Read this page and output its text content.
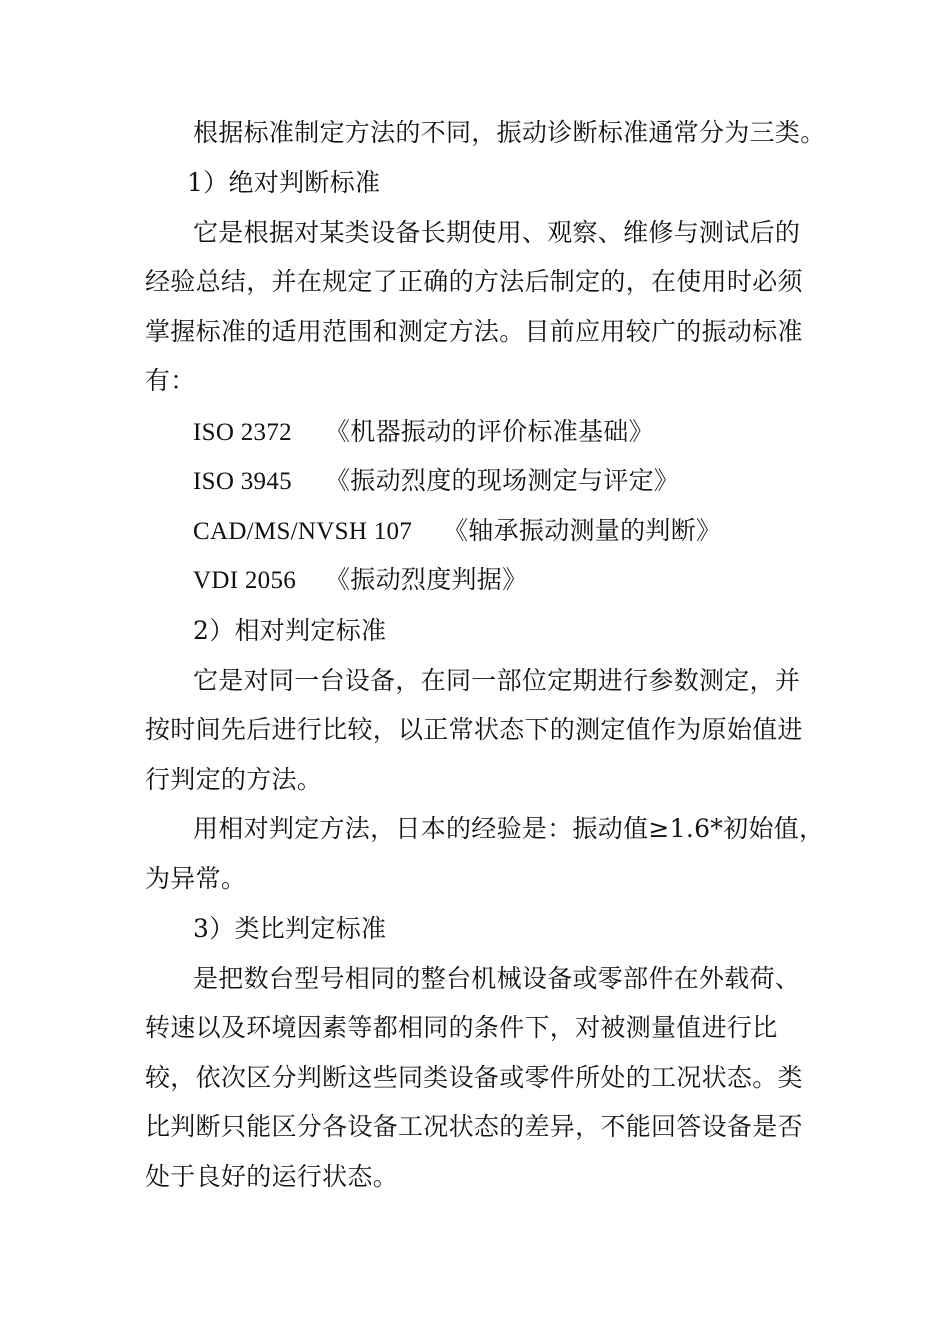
根据标准制定方法的不同，振动诊断标准通常分为三类。
1）绝对判断标准
它是根据对某类设备长期使用、观察、维修与测试后的
经验总结，并在规定了正确的方法后制定的，在使用时必须
掌握标准的适用范围和测定方法。目前应用较广的振动标准
有：
ISO 2372 《机器振动的评价标准基础》
ISO 3945 《振动烈度的现场测定与评定》
CAD/MS/NVSH 107 《轴承振动测量的判断》
VDI 2056 《振动烈度判据》
2）相对判定标准
它是对同一台设备，在同一部位定期进行参数测定，并
按时间先后进行比较，以正常状态下的测定值作为原始值进
行判定的方法。
用相对判定方法，日本的经验是：振动值≥1.6*初始值，
为异常。
3）类比判定标准
是把数台型号相同的整台机械设备或零部件在外载荷、
转速以及环境因素等都相同的条件下，对被测量值进行比
较，依次区分判断这些同类设备或零件所处的工况状态。类
比判断只能区分各设备工况状态的差异，不能回答设备是否
处于良好的运行状态。
